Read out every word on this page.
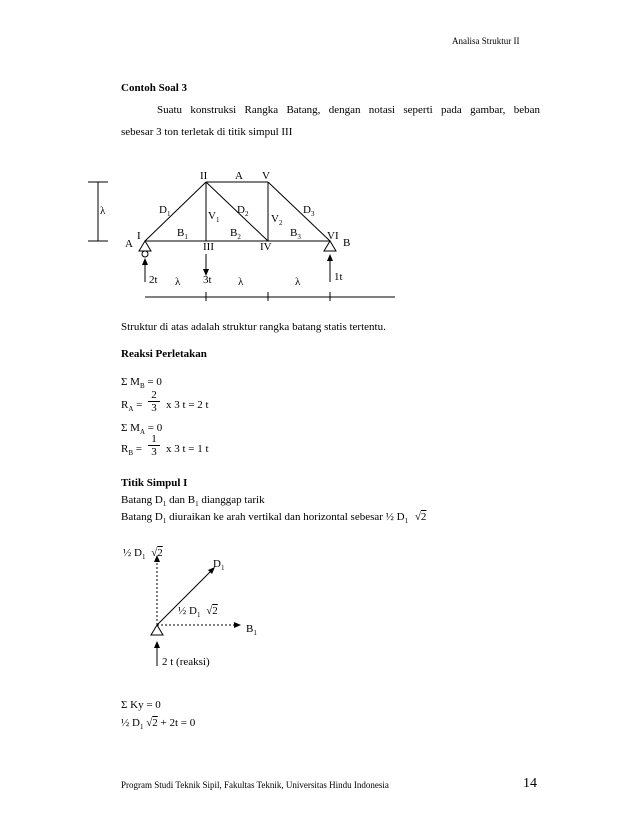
Analisa Struktur II
Contoh Soal 3
Suatu konstruksi Rangka Batang, dengan notasi seperti pada gambar, beban
sebesar 3 ton terletak di titik simpul III
II	A V
λ	$D_1$	$D_2$	$D_3$
$V_1$	$V_2$
I
A
$B_1$	$B_2$	$B_3$
III	IV
VI
B
2t	3t	1t
λ	λ	λ
Struktur di atas adalah struktur rangka batang statis tertentu.
Reaksi Perletakan
Σ $M_B = 0$
$R_A = \frac{2}{3}$ x 3 t = 2 t
Σ $M_A = 0$
$R_B = \frac{1}{3}$ x 3 t = 1 t
Titik Simpul I
Batang $D_1$ dan $B_1$ dianggap tarik
Batang $D_1$ diuraikan ke arah vertikal dan horizontal sebesar ½ $D_1$ √2
½ $D_1$ √2
$D_1$
½ $D_1$ √2
$B_1$
2 t (reaksi)
Σ Ky = 0
½ $D_1$ √2 + 2t = 0
Program Studi Teknik Sipil, Fakultas Teknik, Universitas Hindu Indonesia	14
